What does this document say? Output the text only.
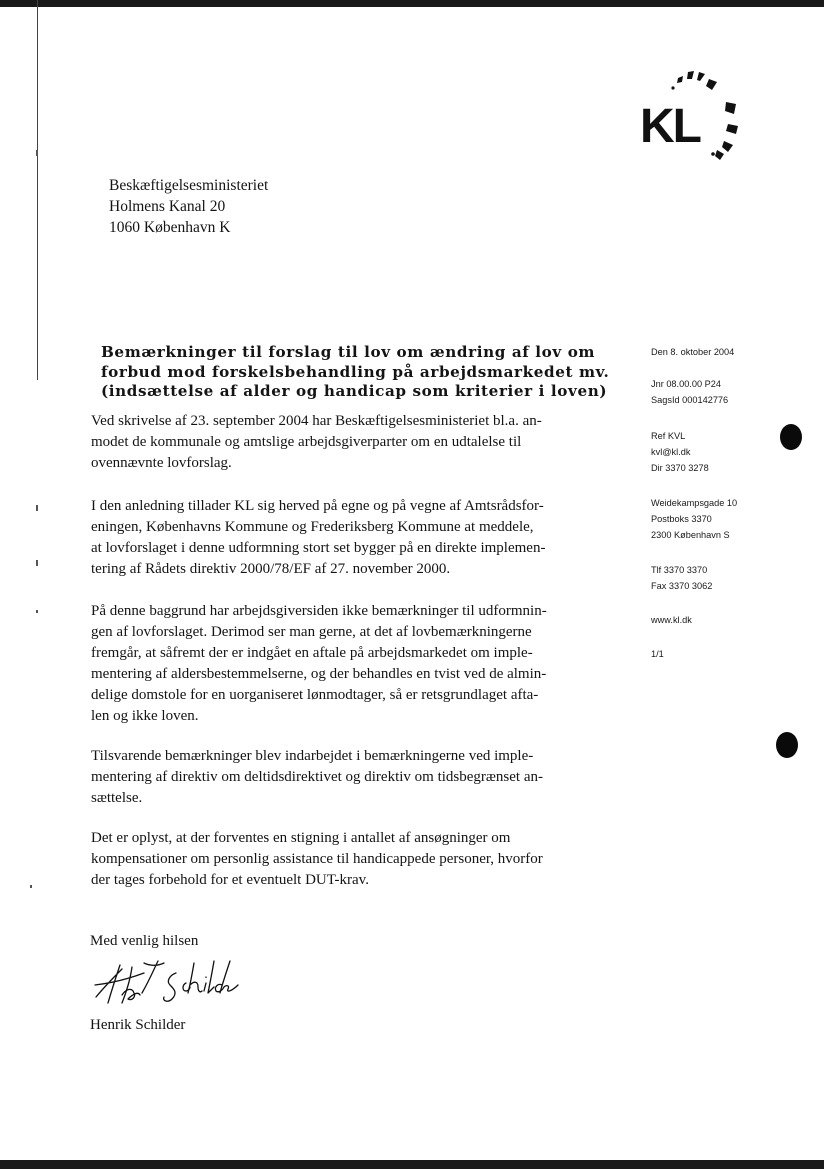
KL
Beskæftigelsesministeriet
Holmens Kanal 20
1060 København K
Bemærkninger til forslag til lov om ændring af lov om
forbud mod forskelsbehandling på arbejdsmarkedet mv.
(indsættelse af alder og handicap som kriterier i loven)
Ved skrivelse af 23. september 2004 har Beskæftigelsesministeriet bl.a. an-
modet de kommunale og amtslige arbejdsgiverparter om en udtalelse til
ovennævnte lovforslag.
I den anledning tillader KL sig herved på egne og på vegne af Amtsrådsfor-
eningen, Københavns Kommune og Frederiksberg Kommune at meddele,
at lovforslaget i denne udformning stort set bygger på en direkte implemen-
tering af Rådets direktiv 2000/78/EF af 27. november 2000.
På denne baggrund har arbejdsgiversiden ikke bemærkninger til udformnin-
gen af lovforslaget. Derimod ser man gerne, at det af lovbemærkningerne
fremgår, at såfremt der er indgået en aftale på arbejdsmarkedet om imple-
mentering af aldersbestemmelserne, og der behandles en tvist ved de almin-
delige domstole for en uorganiseret lønmodtager, så er retsgrundlaget afta-
len og ikke loven.
Tilsvarende bemærkninger blev indarbejdet i bemærkningerne ved imple-
mentering af direktiv om deltidsdirektivet og direktiv om tidsbegrænset an-
sættelse.
Det er oplyst, at der forventes en stigning i antallet af ansøgninger om
kompensationer om personlig assistance til handicappede personer, hvorfor
der tages forbehold for et eventuelt DUT-krav.
Med venlig hilsen
Henrik Schilder
Den 8. oktober 2004
Jnr 08.00.00 P24
SagsId 000142776
Ref KVL
kvl@kl.dk
Dir 3370 3278
Weidekampsgade 10
Postboks 3370
2300 København S
Tlf 3370 3370
Fax 3370 3062
www.kl.dk
1/1
